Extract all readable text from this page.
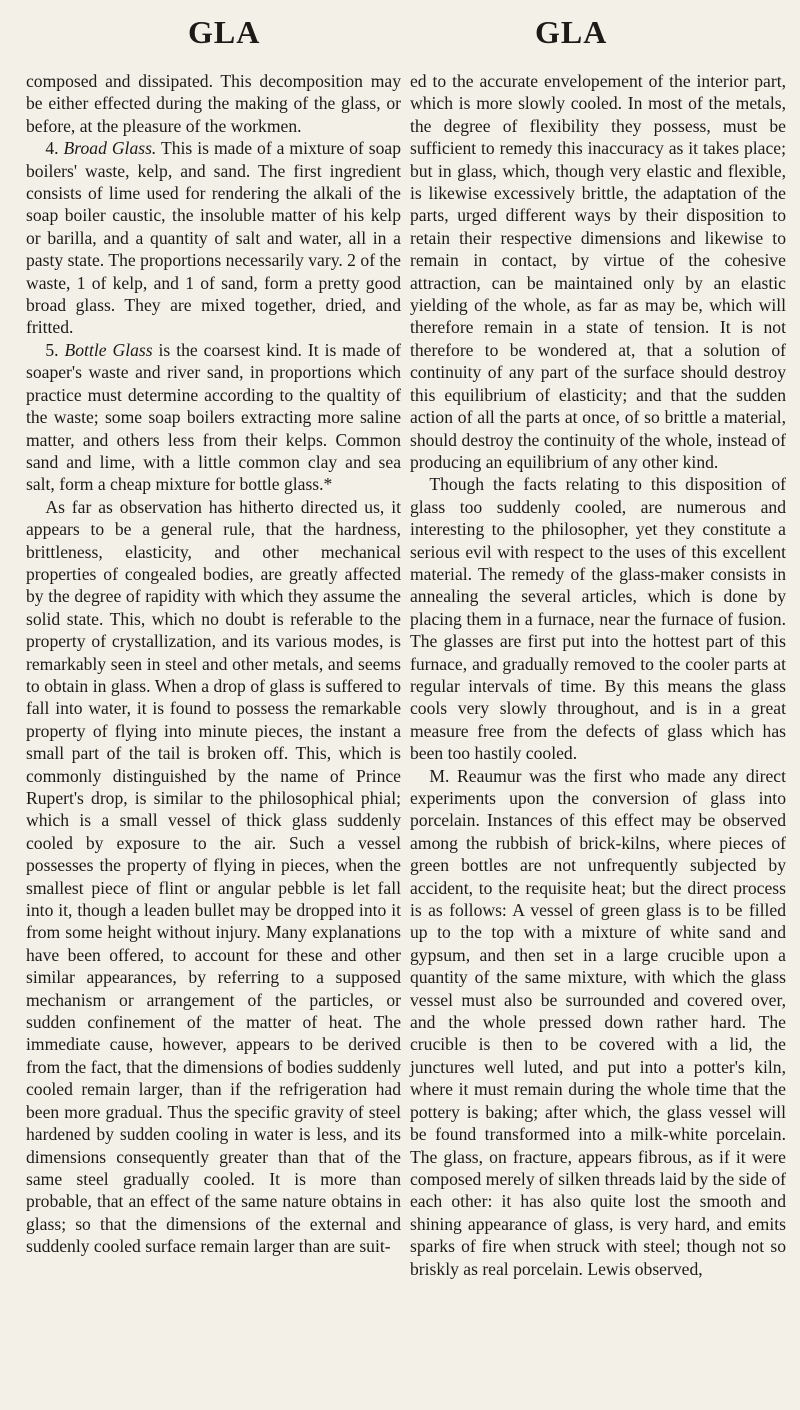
GLA	GLA

composed and dissipated. This decomposition may be either effected during the making of the glass, or before, at the pleasure of the workmen.

4. Broad Glass. This is made of a mixture of soap boilers' waste, kelp, and sand. The first ingredient consists of lime used for rendering the alkali of the soap boiler caustic, the insoluble matter of his kelp or barilla, and a quantity of salt and water, all in a pasty state. The proportions necessarily vary. 2 of the waste, 1 of kelp, and 1 of sand, form a pretty good broad glass. They are mixed together, dried, and fritted.

5. Bottle Glass is the coarsest kind. It is made of soaper's waste and river sand, in proportions which practice must determine according to the qualtity of the waste; some soap boilers extracting more saline matter, and others less from their kelps. Common sand and lime, with a little common clay and sea salt, form a cheap mixture for bottle glass.*

As far as observation has hitherto directed us, it appears to be a general rule, that the hardness, brittleness, elasticity, and other mechanical properties of congealed bodies, are greatly affected by the degree of rapidity with which they assume the solid state. This, which no doubt is referable to the property of crystallization, and its various modes, is remarkably seen in steel and other metals, and seems to obtain in glass. When a drop of glass is suffered to fall into water, it is found to possess the remarkable property of flying into minute pieces, the instant a small part of the tail is broken off. This, which is commonly distinguished by the name of Prince Rupert's drop, is similar to the philosophical phial; which is a small vessel of thick glass suddenly cooled by exposure to the air. Such a vessel possesses the property of flying in pieces, when the smallest piece of flint or angular pebble is let fall into it, though a leaden bullet may be dropped into it from some height without injury. Many explanations have been offered, to account for these and other similar appearances, by referring to a supposed mechanism or arrangement of the particles, or sudden confinement of the matter of heat. The immediate cause, however, appears to be derived from the fact, that the dimensions of bodies suddenly cooled remain larger, than if the refrigeration had been more gradual. Thus the specific gravity of steel hardened by sudden cooling in water is less, and its dimensions consequently greater than that of the same steel gradually cooled. It is more than probable, that an effect of the same nature obtains in glass; so that the dimensions of the external and suddenly cooled surface remain larger than are suit-

ed to the accurate envelopement of the interior part, which is more slowly cooled. In most of the metals, the degree of flexibility they possess, must be sufficient to remedy this inaccuracy as it takes place; but in glass, which, though very elastic and flexible, is likewise excessively brittle, the adaptation of the parts, urged different ways by their disposition to retain their respective dimensions and likewise to remain in contact, by virtue of the cohesive attraction, can be maintained only by an elastic yielding of the whole, as far as may be, which will therefore remain in a state of tension. It is not therefore to be wondered at, that a solution of continuity of any part of the surface should destroy this equilibrium of elasticity; and that the sudden action of all the parts at once, of so brittle a material, should destroy the continuity of the whole, instead of producing an equilibrium of any other kind.

Though the facts relating to this disposition of glass too suddenly cooled, are numerous and interesting to the philosopher, yet they constitute a serious evil with respect to the uses of this excellent material. The remedy of the glass-maker consists in annealing the several articles, which is done by placing them in a furnace, near the furnace of fusion. The glasses are first put into the hottest part of this furnace, and gradually removed to the cooler parts at regular intervals of time. By this means the glass cools very slowly throughout, and is in a great measure free from the defects of glass which has been too hastily cooled.

M. Reaumur was the first who made any direct experiments upon the conversion of glass into porcelain. Instances of this effect may be observed among the rubbish of brick-kilns, where pieces of green bottles are not unfrequently subjected by accident, to the requisite heat; but the direct process is as follows: A vessel of green glass is to be filled up to the top with a mixture of white sand and gypsum, and then set in a large crucible upon a quantity of the same mixture, with which the glass vessel must also be surrounded and covered over, and the whole pressed down rather hard. The crucible is then to be covered with a lid, the junctures well luted, and put into a potter's kiln, where it must remain during the whole time that the pottery is baking; after which, the glass vessel will be found transformed into a milk-white porcelain. The glass, on fracture, appears fibrous, as if it were composed merely of silken threads laid by the side of each other: it has also quite lost the smooth and shining appearance of glass, is very hard, and emits sparks of fire when struck with steel; though not so briskly as real porcelain. Lewis observed,
